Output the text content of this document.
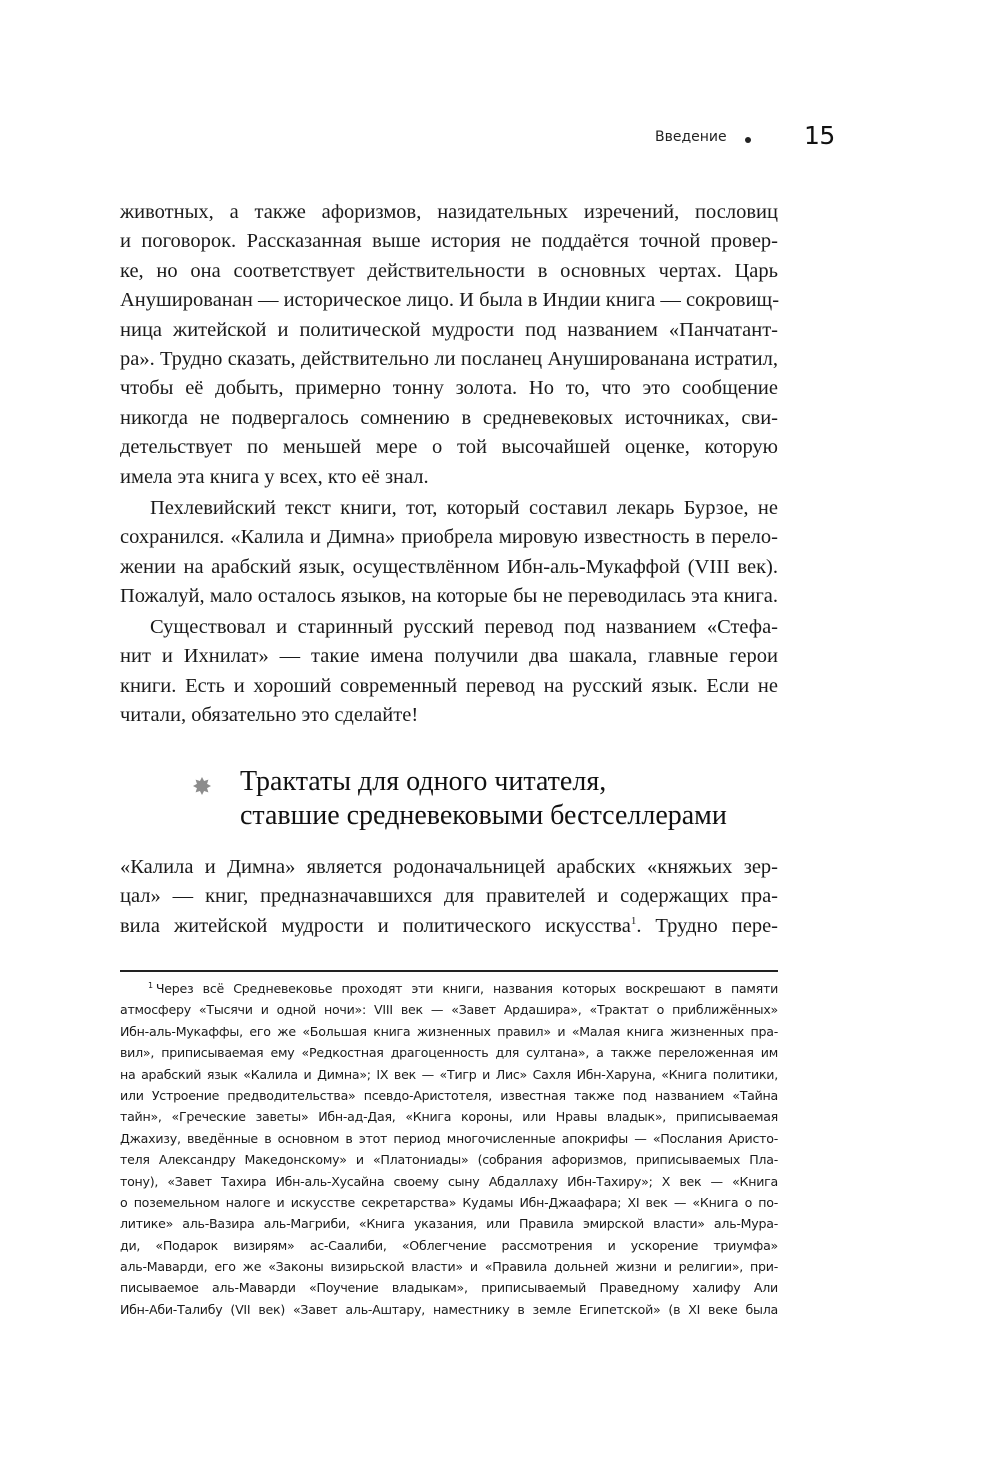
Введение	15
животных, а также афоризмов, назидательных изречений, пословиц
и поговорок. Рассказанная выше история не поддаётся точной провер-
ке, но она соответствует действительности в основных чертах. Царь
Анушированан — историческое лицо. И была в Индии книга — сокровищ-
ница житейской и политической мудрости под названием «Панчатант-
ра». Трудно сказать, действительно ли посланец Анушированана истратил,
чтобы её добыть, примерно тонну золота. Но то, что это сообщение
никогда не подвергалось сомнению в средневековых источниках, сви-
детельствует по меньшей мере о той высочайшей оценке, которую
имела эта книга у всех, кто её знал.
Пехлевийский текст книги, тот, который составил лекарь Бурзое, не
сохранился. «Калила и Димна» приобрела мировую известность в перело-
жении на арабский язык, осуществлённом Ибн-аль-Мукаффой (VIII век).
Пожалуй, мало осталось языков, на которые бы не переводилась эта книга.
Существовал и старинный русский перевод под названием «Стефа-
нит и Ихнилат» — такие имена получили два шакала, главные герои
книги. Есть и хороший современный перевод на русский язык. Если не
читали, обязательно это сделайте!
Трактаты для одного читателя,
ставшие средневековыми бестселлерами
«Калила и Димна» является родоначальницей арабских «княжьих зер-
цал» — книг, предназначавшихся для правителей и содержащих пра-
вила житейской мудрости и политического искусства$^1$. Трудно пере-
$^1$ Через всё Средневековье проходят эти книги, названия которых воскрешают в памяти
атмосферу «Тысячи и одной ночи»: VIII век — «Завет Ардашира», «Трактат о приближённых»
Ибн-аль-Мукаффы, его же «Большая книга жизненных правил» и «Малая книга жизненных пра-
вил», приписываемая ему «Редкостная драгоценность для султана», а также переложенная им
на арабский язык «Калила и Димна»; IX век — «Тигр и Лис» Сахля Ибн-Харуна, «Книга политики,
или Устроение предводительства» псевдо-Аристотеля, известная также под названием «Тайна
тайн», «Греческие заветы» Ибн-ад-Дая, «Книга короны, или Нравы владык», приписываемая
Джахизу, введённые в основном в этот период многочисленные апокрифы — «Послания Аристо-
теля Александру Македонскому» и «Платониады» (собрания афоризмов, приписываемых Пла-
тону), «Завет Тахира Ибн-аль-Хусайна своему сыну Абдаллаху Ибн-Тахиру»; X век — «Книга
о поземельном налоге и искусстве секретарства» Кудамы Ибн-Джаафара; XI век — «Книга о по-
литике» аль-Вазира аль-Магриби, «Книга указания, или Правила эмирской власти» аль-Мура-
ди, «Подарок визирям» ас-Саалиби, «Облегчение рассмотрения и ускорение триумфа»
аль-Маварди, его же «Законы визирьской власти» и «Правила дольней жизни и религии», при-
писываемое аль-Маварди «Поучение владыкам», приписываемый Праведному халифу Али
Ибн-Аби-Талибу (VII век) «Завет аль-Аштару, наместнику в земле Египетской» (в XI веке была
